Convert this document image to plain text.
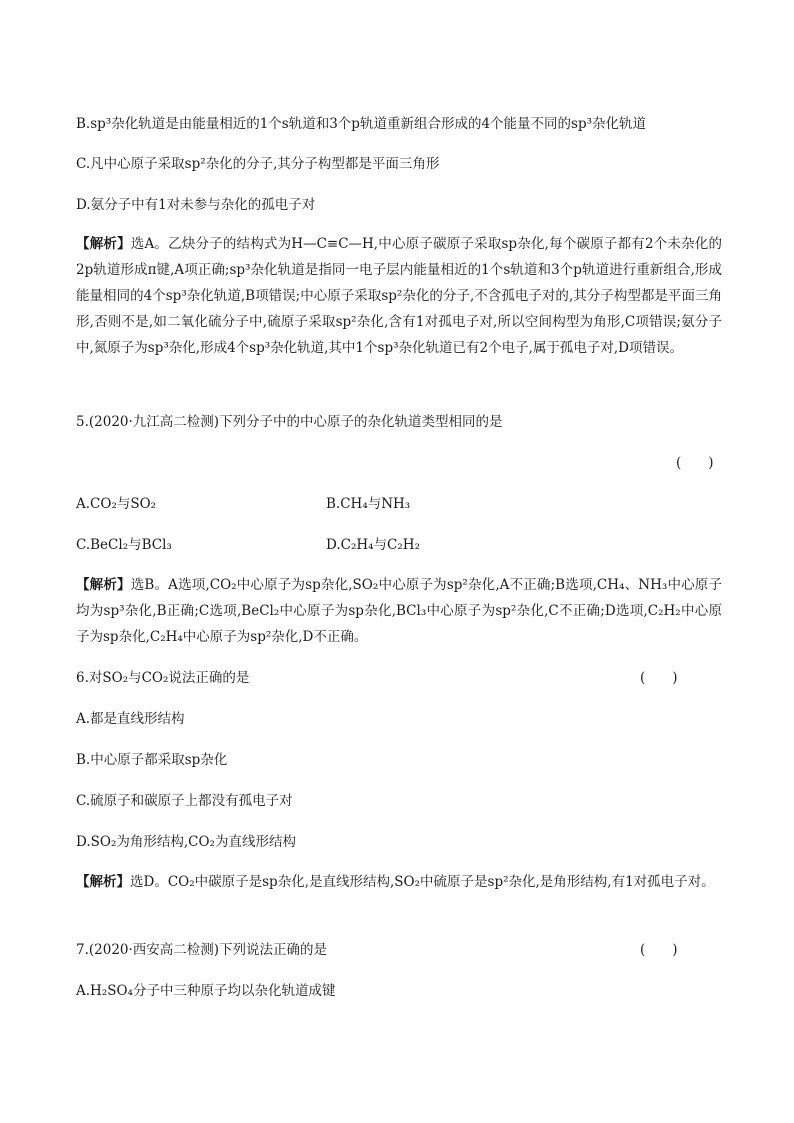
B.sp³杂化轨道是由能量相近的1个s轨道和3个p轨道重新组合形成的4个能量不同的sp³杂化轨道
C.凡中心原子采取sp²杂化的分子,其分子构型都是平面三角形
D.氨分子中有1对未参与杂化的孤电子对
【解析】选A。乙炔分子的结构式为H—C≡C—H,中心原子碳原子采取sp杂化,每个碳原子都有2个未杂化的2p轨道形成π键,A项正确;sp³杂化轨道是指同一电子层内能量相近的1个s轨道和3个p轨道进行重新组合,形成能量相同的4个sp³杂化轨道,B项错误;中心原子采取sp²杂化的分子,不含孤电子对的,其分子构型都是平面三角形,否则不是,如二氧化硫分子中,硫原子采取sp²杂化,含有1对孤电子对,所以空间构型为角形,C项错误;氨分子中,氮原子为sp³杂化,形成4个sp³杂化轨道,其中1个sp³杂化轨道已有2个电子,属于孤电子对,D项错误。
5.(2020·九江高二检测)下列分子中的中心原子的杂化轨道类型相同的是
(　　)
A.CO₂与SO₂	B.CH₄与NH₃
C.BeCl₂与BCl₃	D.C₂H₄与C₂H₂
【解析】选B。A选项,CO₂中心原子为sp杂化,SO₂中心原子为sp²杂化,A不正确;B选项,CH₄、NH₃中心原子均为sp³杂化,B正确;C选项,BeCl₂中心原子为sp杂化,BCl₃中心原子为sp²杂化,C不正确;D选项,C₂H₂中心原子为sp杂化,C₂H₄中心原子为sp²杂化,D不正确。
6.对SO₂与CO₂说法正确的是	(　　)
A.都是直线形结构
B.中心原子都采取sp杂化
C.硫原子和碳原子上都没有孤电子对
D.SO₂为角形结构,CO₂为直线形结构
【解析】选D。CO₂中碳原子是sp杂化,是直线形结构,SO₂中硫原子是sp²杂化,是角形结构,有1对孤电子对。
7.(2020·西安高二检测)下列说法正确的是	(　　)
A.H₂SO₄分子中三种原子均以杂化轨道成键
